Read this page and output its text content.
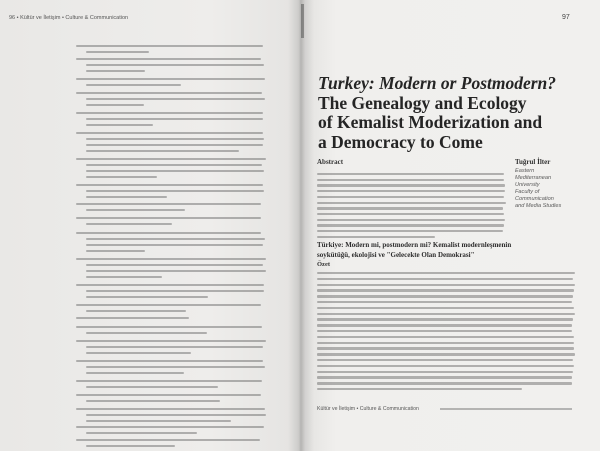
96 • Kültür ve İletişim • Culture & Communication	97
Turkey: Modern or Postmodern?
The Genealogy and Ecology
of Kemalist Moderization and
a Democracy to Come
Abstract	Tuğrul İlter
Eastern
Mediterranean
University
Faculty of
Communication
and Media Studies
Türkiye: Modern mi, postmodern mi? Kemalist modernleşmenin
soykütüğü, ekolojisi ve "Gelecekte Olan Demokrasi"
Özet
Kültür ve İletişim • Culture & Communication
